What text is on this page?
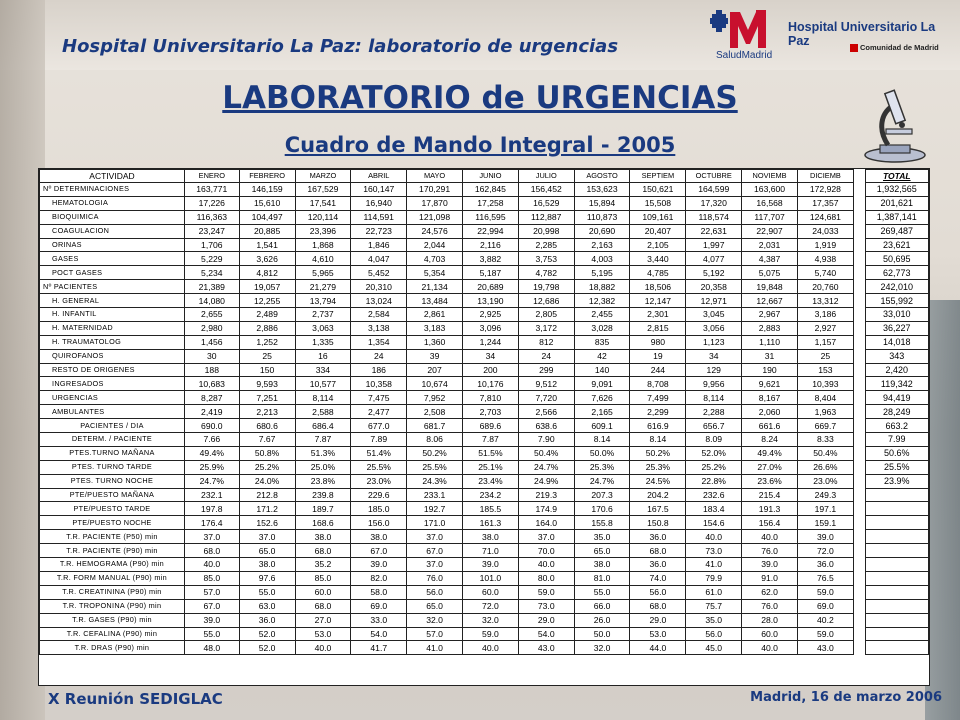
Hospital Universitario La Paz: laboratorio de urgencias
Hospital Universitario La Paz
SaludMadrid
Comunidad de Madrid
LABORATORIO de URGENCIAS
Cuadro de Mando Integral - 2005
ACTIVIDAD	ENERO	FEBRERO	MARZO	ABRIL	MAYO	JUNIO	JULIO	AGOSTO	SEPTIEM	OCTUBRE	NOVIEMB	DICIEMB		TOTAL
Nº DETERMINACIONES	163,771	146,159	167,529	160,147	170,291	162,845	156,452	153,623	150,621	164,599	163,600	172,928		1,932,565
HEMATOLOGIA	17,226	15,610	17,541	16,940	17,870	17,258	16,529	15,894	15,508	17,320	16,568	17,357		201,621
BIOQUIMICA	116,363	104,497	120,114	114,591	121,098	116,595	112,887	110,873	109,161	118,574	117,707	124,681		1,387,141
COAGULACION	23,247	20,885	23,396	22,723	24,576	22,994	20,998	20,690	20,407	22,631	22,907	24,033		269,487
ORINAS	1,706	1,541	1,868	1,846	2,044	2,116	2,285	2,163	2,105	1,997	2,031	1,919		23,621
GASES	5,229	3,626	4,610	4,047	4,703	3,882	3,753	4,003	3,440	4,077	4,387	4,938		50,695
POCT GASES	5,234	4,812	5,965	5,452	5,354	5,187	4,782	5,195	4,785	5,192	5,075	5,740		62,773
Nº PACIENTES	21,389	19,057	21,279	20,310	21,134	20,689	19,798	18,882	18,506	20,358	19,848	20,760		242,010
H. GENERAL	14,080	12,255	13,794	13,024	13,484	13,190	12,686	12,382	12,147	12,971	12,667	13,312		155,992
H. INFANTIL	2,655	2,489	2,737	2,584	2,861	2,925	2,805	2,455	2,301	3,045	2,967	3,186		33,010
H. MATERNIDAD	2,980	2,886	3,063	3,138	3,183	3,096	3,172	3,028	2,815	3,056	2,883	2,927		36,227
H. TRAUMATOLOG	1,456	1,252	1,335	1,354	1,360	1,244	812	835	980	1,123	1,110	1,157		14,018
QUIROFANOS	30	25	16	24	39	34	24	42	19	34	31	25		343
RESTO DE ORIGENES	188	150	334	186	207	200	299	140	244	129	190	153		2,420
INGRESADOS	10,683	9,593	10,577	10,358	10,674	10,176	9,512	9,091	8,708	9,956	9,621	10,393		119,342
URGENCIAS	8,287	7,251	8,114	7,475	7,952	7,810	7,720	7,626	7,499	8,114	8,167	8,404		94,419
AMBULANTES	2,419	2,213	2,588	2,477	2,508	2,703	2,566	2,165	2,299	2,288	2,060	1,963		28,249
PACIENTES / DIA	690.0	680.6	686.4	677.0	681.7	689.6	638.6	609.1	616.9	656.7	661.6	669.7		663.2
DETERM. / PACIENTE	7.66	7.67	7.87	7.89	8.06	7.87	7.90	8.14	8.14	8.09	8.24	8.33		7.99
PTES.TURNO MAÑANA	49.4%	50.8%	51.3%	51.4%	50.2%	51.5%	50.4%	50.0%	50.2%	52.0%	49.4%	50.4%		50.6%
PTES. TURNO TARDE	25.9%	25.2%	25.0%	25.5%	25.5%	25.1%	24.7%	25.3%	25.3%	25.2%	27.0%	26.6%		25.5%
PTES. TURNO NOCHE	24.7%	24.0%	23.8%	23.0%	24.3%	23.4%	24.9%	24.7%	24.5%	22.8%	23.6%	23.0%		23.9%
PTE/PUESTO MAÑANA	232.1	212.8	239.8	229.6	233.1	234.2	219.3	207.3	204.2	232.6	215.4	249.3		
PTE/PUESTO TARDE	197.8	171.2	189.7	185.0	192.7	185.5	174.9	170.6	167.5	183.4	191.3	197.1		
PTE/PUESTO NOCHE	176.4	152.6	168.6	156.0	171.0	161.3	164.0	155.8	150.8	154.6	156.4	159.1		
T.R. PACIENTE (P50) min	37.0	37.0	38.0	38.0	37.0	38.0	37.0	35.0	36.0	40.0	40.0	39.0		
T.R. PACIENTE (P90) min	68.0	65.0	68.0	67.0	67.0	71.0	70.0	65.0	68.0	73.0	76.0	72.0		
T.R. HEMOGRAMA (P90) min	40.0	38.0	35.2	39.0	37.0	39.0	40.0	38.0	36.0	41.0	39.0	36.0		
T.R. FORM MANUAL (P90) min	85.0	97.6	85.0	82.0	76.0	101.0	80.0	81.0	74.0	79.9	91.0	76.5		
T.R. CREATININA (P90) min	57.0	55.0	60.0	58.0	56.0	60.0	59.0	55.0	56.0	61.0	62.0	59.0		
T.R. TROPONINA (P90) min	67.0	63.0	68.0	69.0	65.0	72.0	73.0	66.0	68.0	75.7	76.0	69.0		
T.R. GASES (P90) min	39.0	36.0	27.0	33.0	32.0	32.0	29.0	26.0	29.0	35.0	28.0	40.2		
T.R. CEFALINA (P90) min	55.0	52.0	53.0	54.0	57.0	59.0	54.0	50.0	53.0	56.0	60.0	59.0		
T.R. DRAS (P90) min	48.0	52.0	40.0	41.7	41.0	40.0	43.0	32.0	44.0	45.0	40.0	43.0		
X Reunión SEDIGLAC	Madrid, 16 de marzo 2006
